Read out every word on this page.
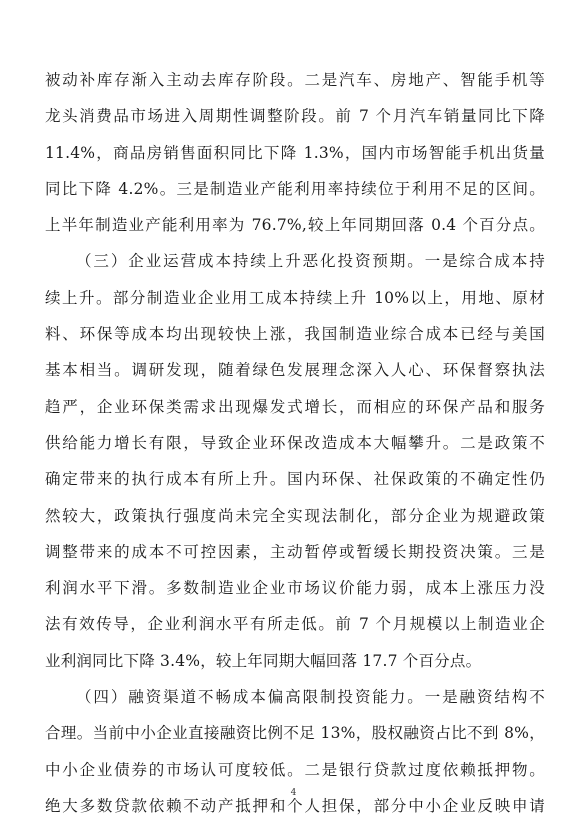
被动补库存渐入主动去库存阶段。二是汽车、房地产、智能手机等
龙头消费品市场进入周期性调整阶段。前 7 个月汽车销量同比下降
11.4%，商品房销售面积同比下降 1.3%，国内市场智能手机出货量
同比下降 4.2%。三是制造业产能利用率持续位于利用不足的区间。
上半年制造业产能利用率为 76.7%,较上年同期回落 0.4 个百分点。
（三）企业运营成本持续上升恶化投资预期。一是综合成本持
续上升。部分制造业企业用工成本持续上升 10%以上，用地、原材
料、环保等成本均出现较快上涨，我国制造业综合成本已经与美国
基本相当。调研发现，随着绿色发展理念深入人心、环保督察执法
趋严，企业环保类需求出现爆发式增长，而相应的环保产品和服务
供给能力增长有限，导致企业环保改造成本大幅攀升。二是政策不
确定带来的执行成本有所上升。国内环保、社保政策的不确定性仍
然较大，政策执行强度尚未完全实现法制化，部分企业为规避政策
调整带来的成本不可控因素，主动暂停或暂缓长期投资决策。三是
利润水平下滑。多数制造业企业市场议价能力弱，成本上涨压力没
法有效传导，企业利润水平有所走低。前 7 个月规模以上制造业企
业利润同比下降 3.4%，较上年同期大幅回落 17.7 个百分点。
（四）融资渠道不畅成本偏高限制投资能力。一是融资结构不
合理。当前中小企业直接融资比例不足 13%，股权融资占比不到 8%，
中小企业债券的市场认可度较低。二是银行贷款过度依赖抵押物。
绝大多数贷款依赖不动产抵押和个人担保，部分中小企业反映申请
4
